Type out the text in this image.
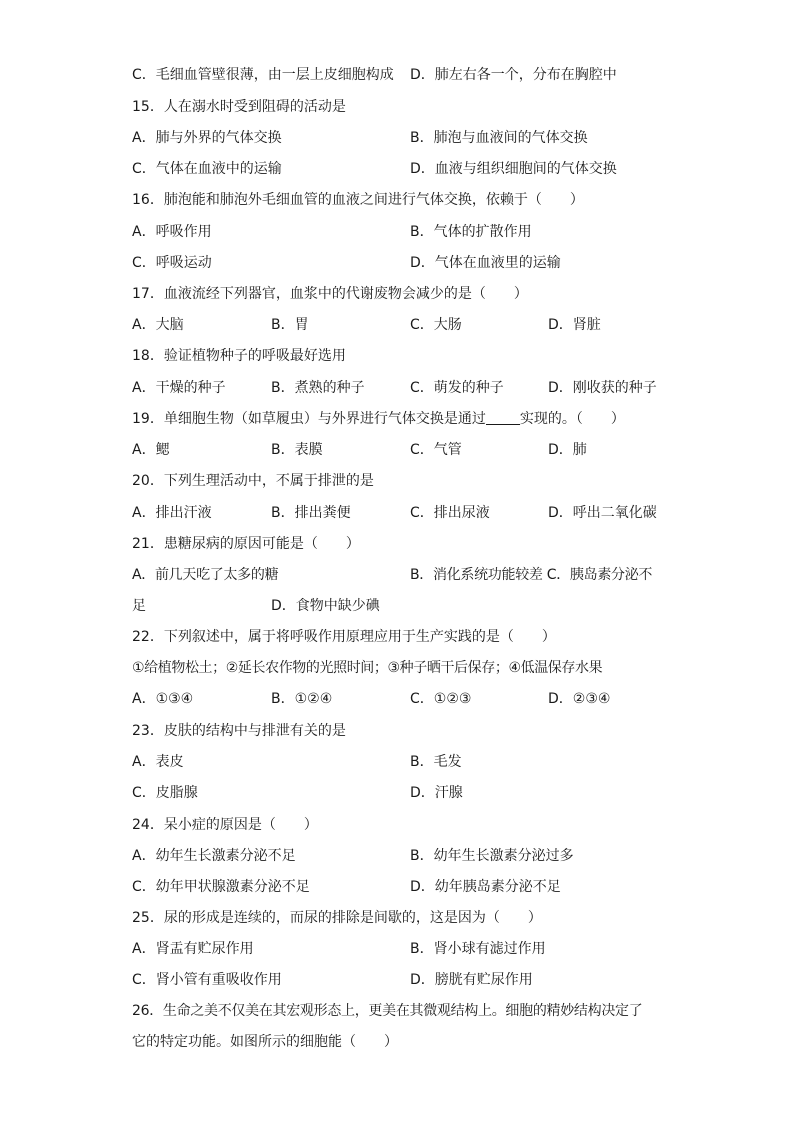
C．毛细血管壁很薄，由一层上皮细胞构成 D．肺左右各一个，分布在胸腔中
15．人在溺水时受到阻碍的活动是
A．肺与外界的气体交换	B．肺泡与血液间的气体交换
C．气体在血液中的运输	D．血液与组织细胞间的气体交换
16．肺泡能和肺泡外毛细血管的血液之间进行气体交换，依赖于（　　）
A．呼吸作用	B．气体的扩散作用
C．呼吸运动	D．气体在血液里的运输
17．血液流经下列器官，血浆中的代谢废物会减少的是（　　）
A．大脑	B．胃	C．大肠	D．肾脏
18．验证植物种子的呼吸最好选用
A．干燥的种子	B．煮熟的种子	C．萌发的种子	D．刚收获的种子
19．单细胞生物（如草履虫）与外界进行气体交换是通过 实现的。（　　）
A．鳃	B．表膜	C．气管	D．肺
20．下列生理活动中，不属于排泄的是
A．排出汗液	B．排出粪便	C．排出尿液	D．呼出二氧化碳
21．患糖尿病的原因可能是（　　）
A．前几天吃了太多的糖	B．消化系统功能较差 C．胰岛素分泌不
足	D．食物中缺少碘
22．下列叙述中，属于将呼吸作用原理应用于生产实践的是（　　）
①给植物松土；②延长农作物的光照时间；③种子晒干后保存；④低温保存水果
A．①③④	B．①②④	C．①②③	D．②③④
23．皮肤的结构中与排泄有关的是
A．表皮	B．毛发
C．皮脂腺	D．汗腺
24．呆小症的原因是（　　）
A．幼年生长激素分泌不足	B．幼年生长激素分泌过多
C．幼年甲状腺激素分泌不足	D．幼年胰岛素分泌不足
25．尿的形成是连续的，而尿的排除是间歇的，这是因为（　　）
A．肾盂有贮尿作用	B．肾小球有滤过作用
C．肾小管有重吸收作用	D．膀胱有贮尿作用
26．生命之美不仅美在其宏观形态上，更美在其微观结构上。细胞的精妙结构决定了
它的特定功能。如图所示的细胞能（　　）
